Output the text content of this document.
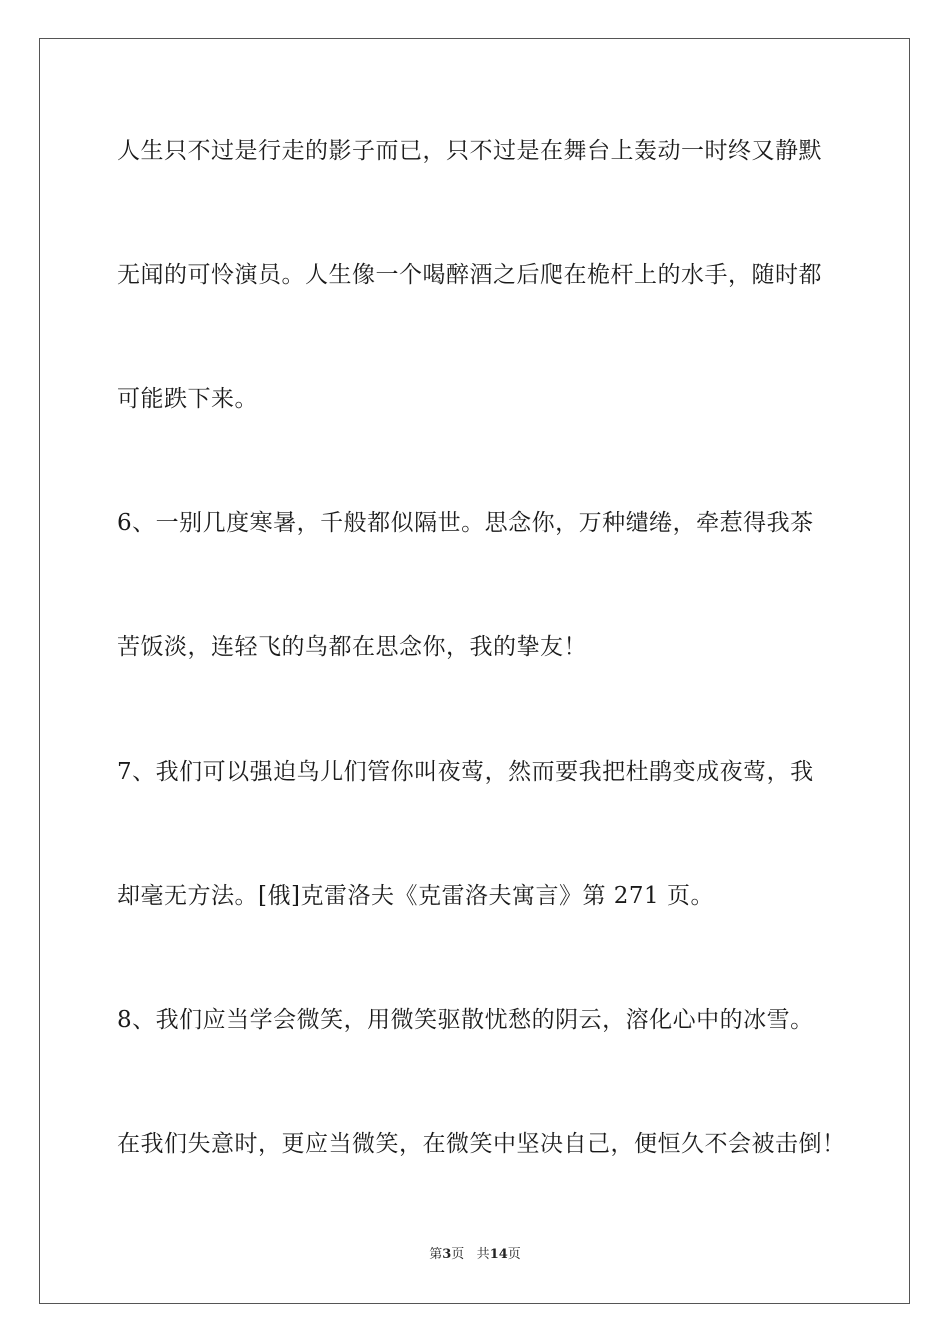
人生只不过是行走的影子而已，只不过是在舞台上轰动一时终又静默
无闻的可怜演员。人生像一个喝醉酒之后爬在桅杆上的水手，随时都
可能跌下来。
6、一别几度寒暑，千般都似隔世。思念你，万种缱绻，牵惹得我茶
苦饭淡，连轻飞的鸟都在思念你，我的挚友！
7、我们可以强迫鸟儿们管你叫夜莺，然而要我把杜鹃变成夜莺，我
却毫无方法。[俄]克雷洛夫《克雷洛夫寓言》第 271 页。
8、我们应当学会微笑，用微笑驱散忧愁的阴云，溶化心中的冰雪。
在我们失意时，更应当微笑，在微笑中坚决自己，便恒久不会被击倒！
第3页 共14页
